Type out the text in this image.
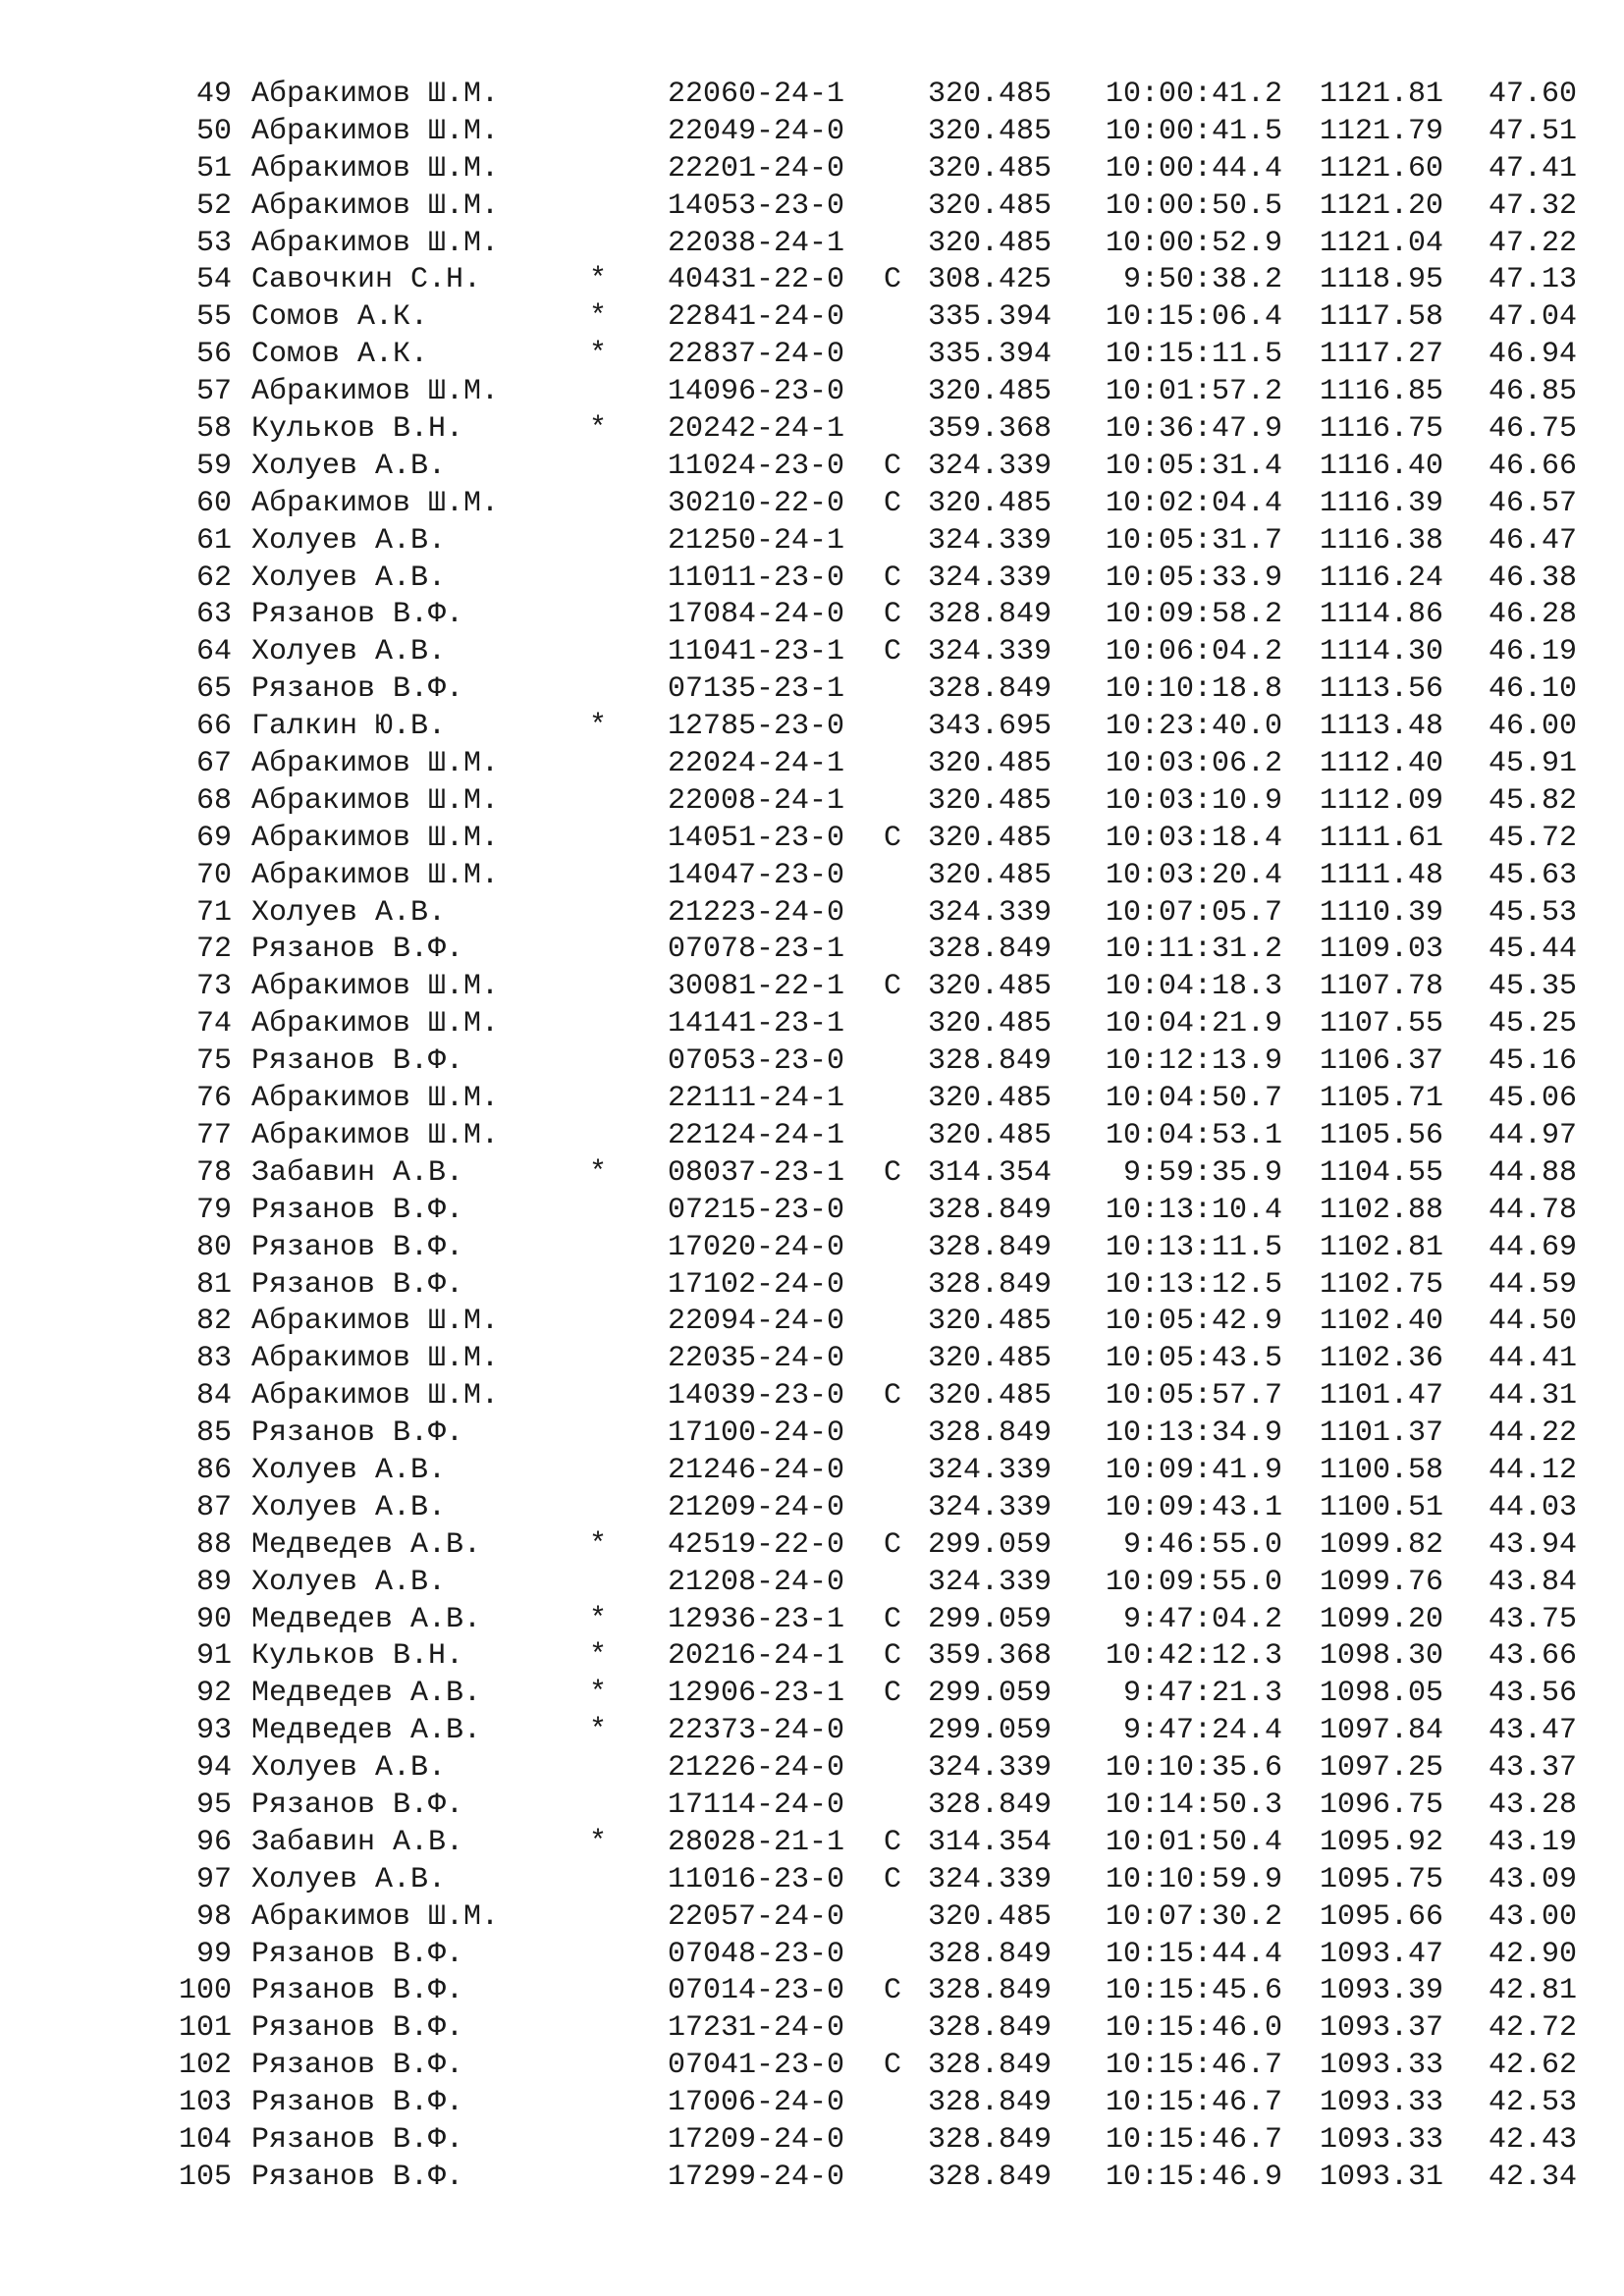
49 Абракимов Ш.М.	22060-24-1	320.485 10:00:41.2 1121.81 47.60
50 Абракимов Ш.М.	22049-24-0	320.485 10:00:41.5 1121.79 47.51
51 Абракимов Ш.М.	22201-24-0	320.485 10:00:44.4 1121.60 47.41
52 Абракимов Ш.М.	14053-23-0	320.485 10:00:50.5 1121.20 47.32
53 Абракимов Ш.М.	22038-24-1	320.485 10:00:52.9 1121.04 47.22
54 Савочкин С.Н.	* 40431-22-0 C 308.425 9:50:38.2 1118.95 47.13
55 Сомов А.К.	* 22841-24-0	335.394 10:15:06.4 1117.58 47.04
56 Сомов А.К.	* 22837-24-0	335.394 10:15:11.5 1117.27 46.94
57 Абракимов Ш.М.	14096-23-0	320.485 10:01:57.2 1116.85 46.85
58 Кульков В.Н.	* 20242-24-1	359.368 10:36:47.9 1116.75 46.75
59 Холуев А.В.	11024-23-0 C 324.339 10:05:31.4 1116.40 46.66
60 Абракимов Ш.М.	30210-22-0 C 320.485 10:02:04.4 1116.39 46.57
61 Холуев А.В.	21250-24-1	324.339 10:05:31.7 1116.38 46.47
62 Холуев А.В.	11011-23-0 C 324.339 10:05:33.9 1116.24 46.38
63 Рязанов В.Ф.	17084-24-0 C 328.849 10:09:58.2 1114.86 46.28
64 Холуев А.В.	11041-23-1 C 324.339 10:06:04.2 1114.30 46.19
65 Рязанов В.Ф.	07135-23-1	328.849 10:10:18.8 1113.56 46.10
66 Галкин Ю.В.	* 12785-23-0	343.695 10:23:40.0 1113.48 46.00
67 Абракимов Ш.М.	22024-24-1	320.485 10:03:06.2 1112.40 45.91
68 Абракимов Ш.М.	22008-24-1	320.485 10:03:10.9 1112.09 45.82
69 Абракимов Ш.М.	14051-23-0 C 320.485 10:03:18.4 1111.61 45.72
70 Абракимов Ш.М.	14047-23-0	320.485 10:03:20.4 1111.48 45.63
71 Холуев А.В.	21223-24-0	324.339 10:07:05.7 1110.39 45.53
72 Рязанов В.Ф.	07078-23-1	328.849 10:11:31.2 1109.03 45.44
73 Абракимов Ш.М.	30081-22-1 C 320.485 10:04:18.3 1107.78 45.35
74 Абракимов Ш.М.	14141-23-1	320.485 10:04:21.9 1107.55 45.25
75 Рязанов В.Ф.	07053-23-0	328.849 10:12:13.9 1106.37 45.16
76 Абракимов Ш.М.	22111-24-1	320.485 10:04:50.7 1105.71 45.06
77 Абракимов Ш.М.	22124-24-1	320.485 10:04:53.1 1105.56 44.97
78 Забавин А.В.	* 08037-23-1 C 314.354 9:59:35.9 1104.55 44.88
79 Рязанов В.Ф.	07215-23-0	328.849 10:13:10.4 1102.88 44.78
80 Рязанов В.Ф.	17020-24-0	328.849 10:13:11.5 1102.81 44.69
81 Рязанов В.Ф.	17102-24-0	328.849 10:13:12.5 1102.75 44.59
82 Абракимов Ш.М.	22094-24-0	320.485 10:05:42.9 1102.40 44.50
83 Абракимов Ш.М.	22035-24-0	320.485 10:05:43.5 1102.36 44.41
84 Абракимов Ш.М.	14039-23-0 C 320.485 10:05:57.7 1101.47 44.31
85 Рязанов В.Ф.	17100-24-0	328.849 10:13:34.9 1101.37 44.22
86 Холуев А.В.	21246-24-0	324.339 10:09:41.9 1100.58 44.12
87 Холуев А.В.	21209-24-0	324.339 10:09:43.1 1100.51 44.03
88 Медведев А.В.	* 42519-22-0 C 299.059 9:46:55.0 1099.82 43.94
89 Холуев А.В.	21208-24-0	324.339 10:09:55.0 1099.76 43.84
90 Медведев А.В.	* 12936-23-1 C 299.059 9:47:04.2 1099.20 43.75
91 Кульков В.Н.	* 20216-24-1 C 359.368 10:42:12.3 1098.30 43.66
92 Медведев А.В.	* 12906-23-1 C 299.059 9:47:21.3 1098.05 43.56
93 Медведев А.В.	* 22373-24-0	299.059 9:47:24.4 1097.84 43.47
94 Холуев А.В.	21226-24-0	324.339 10:10:35.6 1097.25 43.37
95 Рязанов В.Ф.	17114-24-0	328.849 10:14:50.3 1096.75 43.28
96 Забавин А.В.	* 28028-21-1 C 314.354 10:01:50.4 1095.92 43.19
97 Холуев А.В.	11016-23-0 C 324.339 10:10:59.9 1095.75 43.09
98 Абракимов Ш.М.	22057-24-0	320.485 10:07:30.2 1095.66 43.00
99 Рязанов В.Ф.	07048-23-0	328.849 10:15:44.4 1093.47 42.90
100 Рязанов В.Ф.	07014-23-0 C 328.849 10:15:45.6 1093.39 42.81
101 Рязанов В.Ф.	17231-24-0	328.849 10:15:46.0 1093.37 42.72
102 Рязанов В.Ф.	07041-23-0 C 328.849 10:15:46.7 1093.33 42.62
103 Рязанов В.Ф.	17006-24-0	328.849 10:15:46.7 1093.33 42.53
104 Рязанов В.Ф.	17209-24-0	328.849 10:15:46.7 1093.33 42.43
105 Рязанов В.Ф.	17299-24-0	328.849 10:15:46.9 1093.31 42.34
